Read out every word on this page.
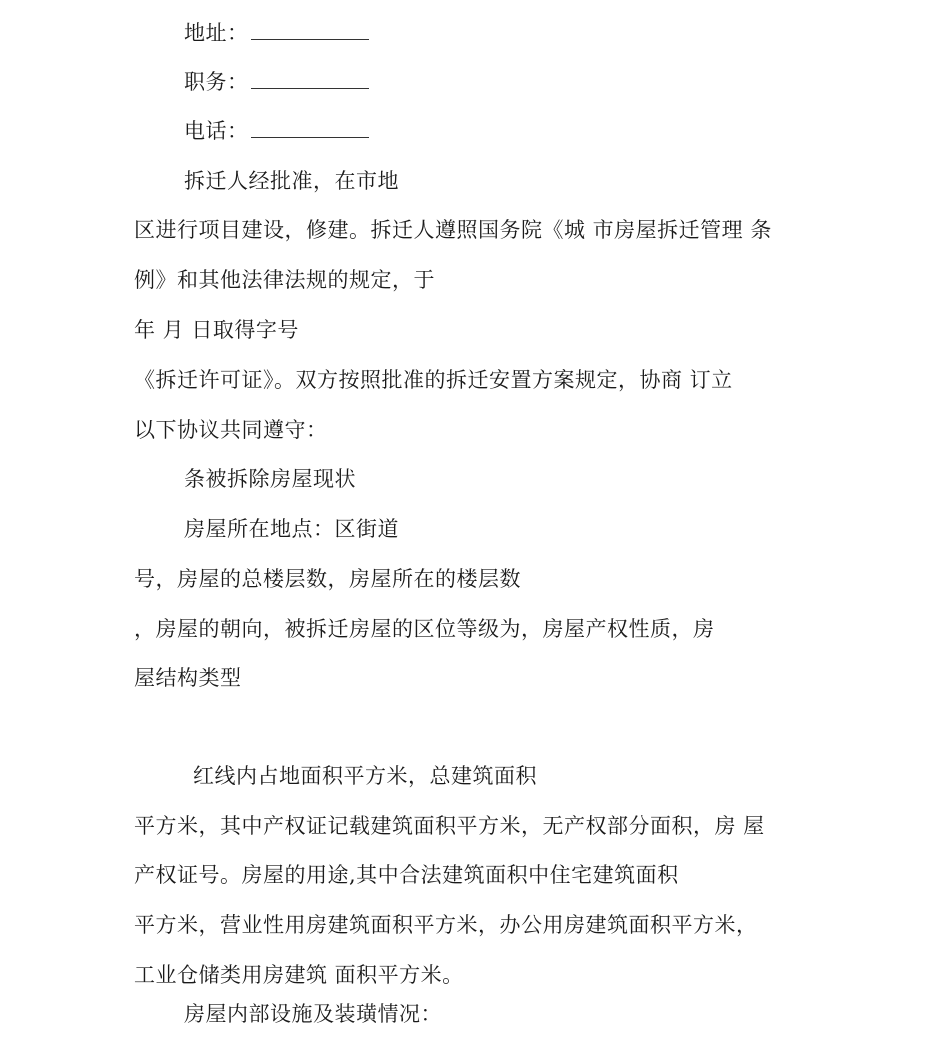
地址：
职务：
电话：
拆迁人经批准，在市地
区进行项目建设，修建。拆迁人遵照国务院《城 市房屋拆迁管理 条
例》和其他法律法规的规定，于
年 月 日取得字号
《拆迁许可证》。双方按照批准的拆迁安置方案规定，协商 订立
以下协议共同遵守：
条被拆除房屋现状
房屋所在地点：区街道
号，房屋的总楼层数，房屋所在的楼层数
，房屋的朝向，被拆迁房屋的区位等级为，房屋产权性质，房
屋结构类型
红线内占地面积平方米，总建筑面积
平方米，其中产权证记载建筑面积平方米，无产权部分面积，房 屋
产权证号。房屋的用途,其中合法建筑面积中住宅建筑面积
平方米，营业性用房建筑面积平方米，办公用房建筑面积平方米，
工业仓储类用房建筑 面积平方米。
房屋内部设施及装璜情况：
